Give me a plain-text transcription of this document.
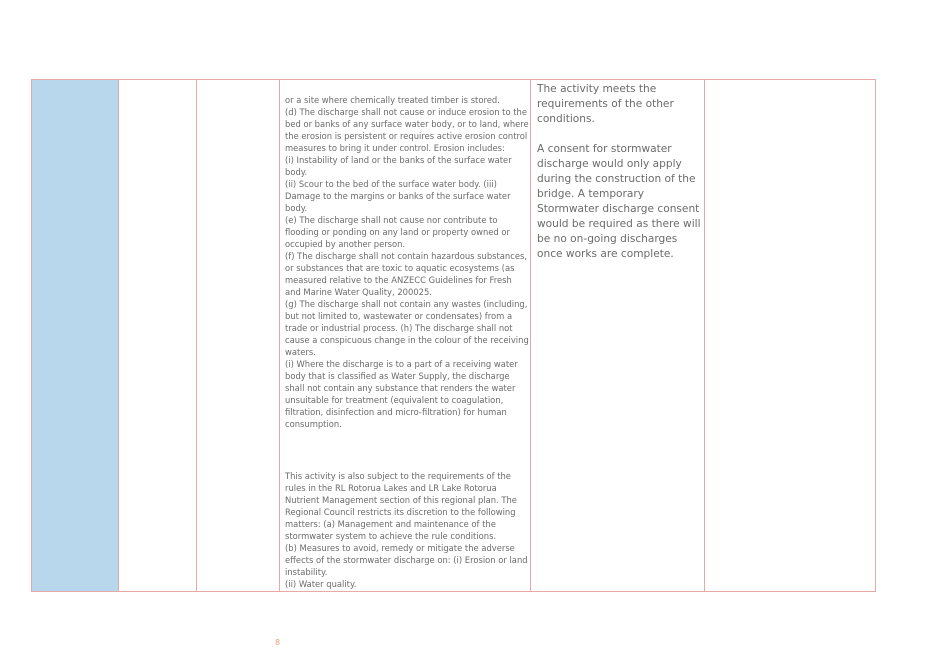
or a site where chemically treated timber is stored.
(d) The discharge shall not cause or induce erosion to the bed or banks of any surface water body, or to land, where the erosion is persistent or requires active erosion control measures to bring it under control. Erosion includes:
(i) Instability of land or the banks of the surface water body.
(ii) Scour to the bed of the surface water body. (iii) Damage to the margins or banks of the surface water body.
(e) The discharge shall not cause nor contribute to flooding or ponding on any land or property owned or occupied by another person.
(f) The discharge shall not contain hazardous substances, or substances that are toxic to aquatic ecosystems (as measured relative to the ANZECC Guidelines for Fresh and Marine Water Quality, 200025.
(g) The discharge shall not contain any wastes (including, but not limited to, wastewater or condensates) from a trade or industrial process. (h) The discharge shall not cause a conspicuous change in the colour of the receiving waters.
(i) Where the discharge is to a part of a receiving water body that is classified as Water Supply, the discharge shall not contain any substance that renders the water unsuitable for treatment (equivalent to coagulation, filtration, disinfection and micro-filtration) for human consumption.

This activity is also subject to the requirements of the rules in the RL Rotorua Lakes and LR Lake Rotorua Nutrient Management section of this regional plan. The Regional Council restricts its discretion to the following matters: (a) Management and maintenance of the stormwater system to achieve the rule conditions.
(b) Measures to avoid, remedy or mitigate the adverse effects of the stormwater discharge on: (i) Erosion or land instability.
(ii) Water quality.

The activity meets the requirements of the other conditions.

A consent for stormwater discharge would only apply during the construction of the bridge. A temporary Stormwater discharge consent would be required as there will be no on-going discharges once works are complete.

8
